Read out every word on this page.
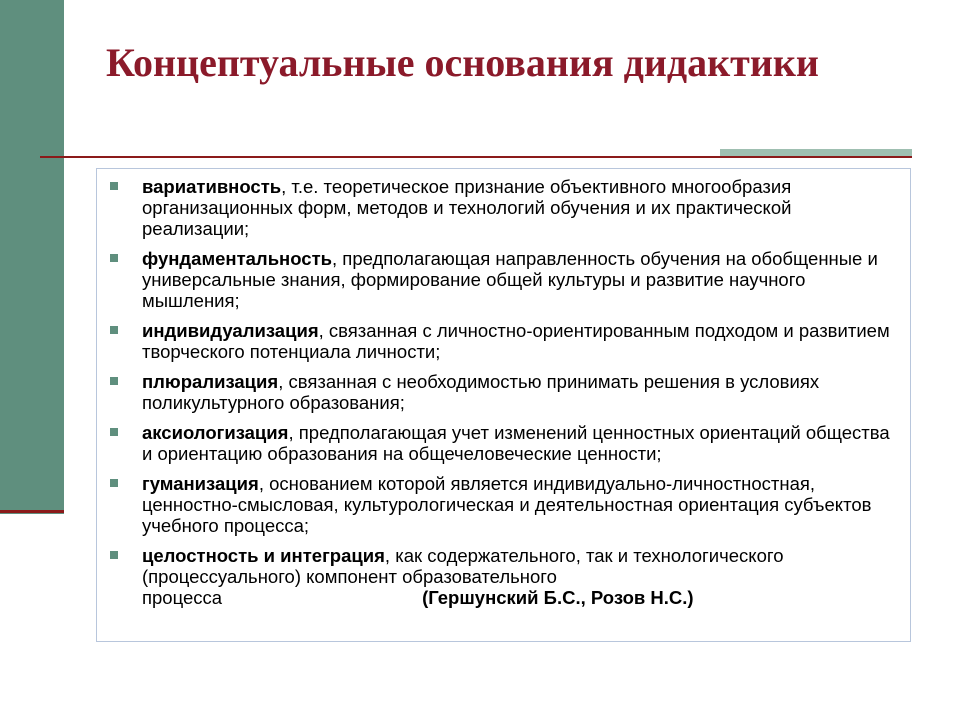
Концептуальные основания дидактики
вариативность, т.е. теоретическое признание объективного многообразия организационных форм, методов и технологий обучения и их практической реализации;
фундаментальность, предполагающая направленность обучения на обобщенные и универсальные знания, формирование общей культуры и развитие научного мышления;
индивидуализация, связанная с личностно-ориентированным подходом и развитием творческого потенциала личности;
плюрализация, связанная с необходимостью принимать решения в условиях поликультурного образования;
аксиологизация, предполагающая учет изменений ценностных ориентаций общества и ориентацию образования на общечеловеческие ценности;
гуманизация, основанием которой является индивидуально-личностностная, ценностно-смысловая, культурологическая и деятельностная ориентация субъектов учебного процесса;
целостность и интеграция, как содержательного, так и технологического (процессуального) компонент образовательного процесса	(Гершунский Б.С., Розов Н.С.)
